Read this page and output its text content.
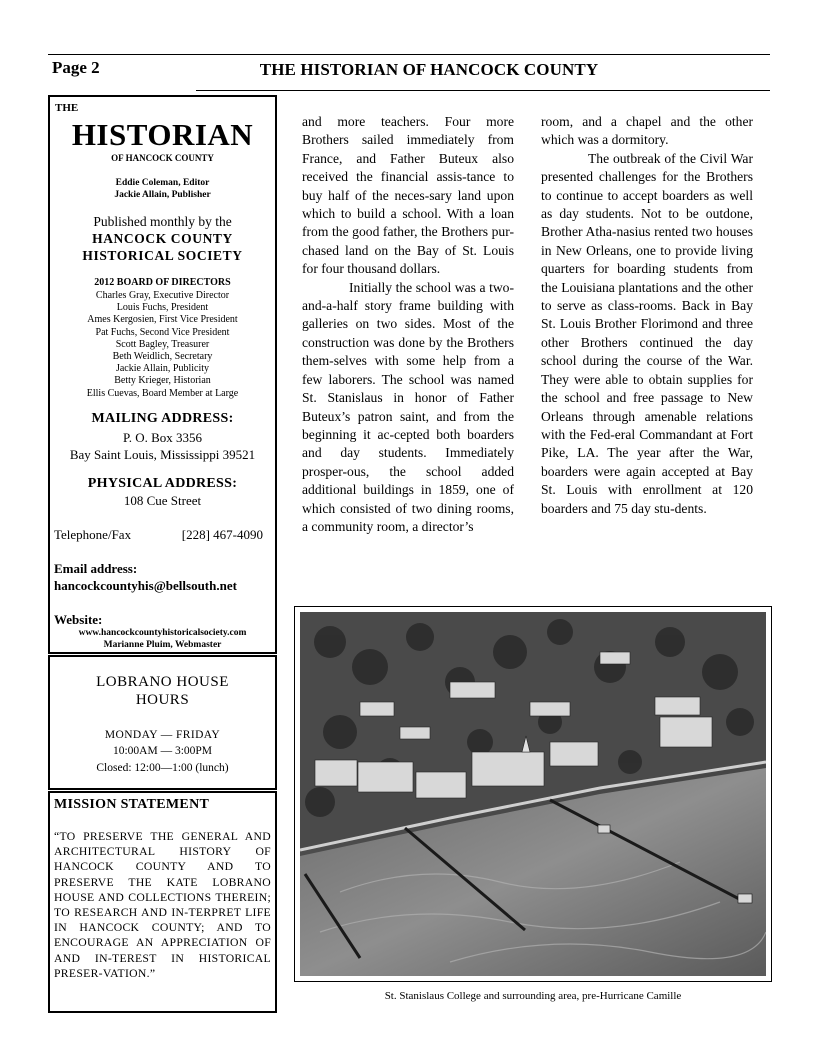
Page 2	THE HISTORIAN OF HANCOCK COUNTY
THE
HISTORIAN
OF HANCOCK COUNTY
Eddie Coleman, Editor
Jackie Allain, Publisher
Published monthly by the
HANCOCK COUNTY
HISTORICAL SOCIETY
2012 BOARD OF DIRECTORS
Charles Gray, Executive Director
Louis Fuchs, President
Ames Kergosien, First Vice President
Pat Fuchs, Second Vice President
Scott Bagley, Treasurer
Beth Weidlich, Secretary
Jackie Allain, Publicity
Betty Krieger, Historian
Ellis Cuevas, Board Member at Large
MAILING ADDRESS:
P. O. Box 3356
Bay Saint Louis, Mississippi 39521
PHYSICAL ADDRESS:
108 Cue Street
Telephone/Fax	[228] 467-4090
Email address:
hancockcountyhis@bellsouth.net
Website:
www.hancockcountyhistoricalsociety.com
Marianne Pluim, Webmaster
LOBRANO HOUSE
HOURS
MONDAY — FRIDAY
10:00AM — 3:00PM
Closed: 12:00—1:00 (lunch)
MISSION STATEMENT
“TO PRESERVE THE GENERAL AND ARCHITECTURAL HISTORY OF HANCOCK COUNTY AND TO PRESERVE THE KATE LOBRANO HOUSE AND COLLECTIONS THEREIN; TO RESEARCH AND IN-TERPRET LIFE IN HANCOCK COUNTY; AND TO ENCOURAGE AN APPRECIATION OF AND IN-TEREST IN HISTORICAL PRESER-VATION.”

and more teachers. Four more Brothers sailed immediately from France, and Father Buteux also received the financial assis-tance to buy half of the neces-sary land upon which to build a school. With a loan from the good father, the Brothers pur-chased land on the Bay of St. Louis for four thousand dollars.

Initially the school was a two-and-a-half story frame building with galleries on two sides. Most of the construction was done by the Brothers them-selves with some help from a few laborers. The school was named St. Stanislaus in honor of Father Buteux’s patron saint, and from the beginning it ac-cepted both boarders and day students. Immediately prosper-ous, the school added additional buildings in 1859, one of which consisted of two dining rooms, a community room, a director’s

room, and a chapel and the other which was a dormitory.

The outbreak of the Civil War presented challenges for the Brothers to continue to accept boarders as well as day students. Not to be outdone, Brother Atha-nasius rented two houses in New Orleans, one to provide living quarters for boarding students from the Louisiana plantations and the other to serve as class-rooms. Back in Bay St. Louis Brother Florimond and three other Brothers continued the day school during the course of the War. They were able to obtain supplies for the school and free passage to New Orleans through amenable relations with the Fed-eral Commandant at Fort Pike, LA. The year after the War, boarders were again accepted at Bay St. Louis with enrollment at 120 boarders and 75 day stu-dents.

St. Stanislaus College and surrounding area, pre-Hurricane Camille
